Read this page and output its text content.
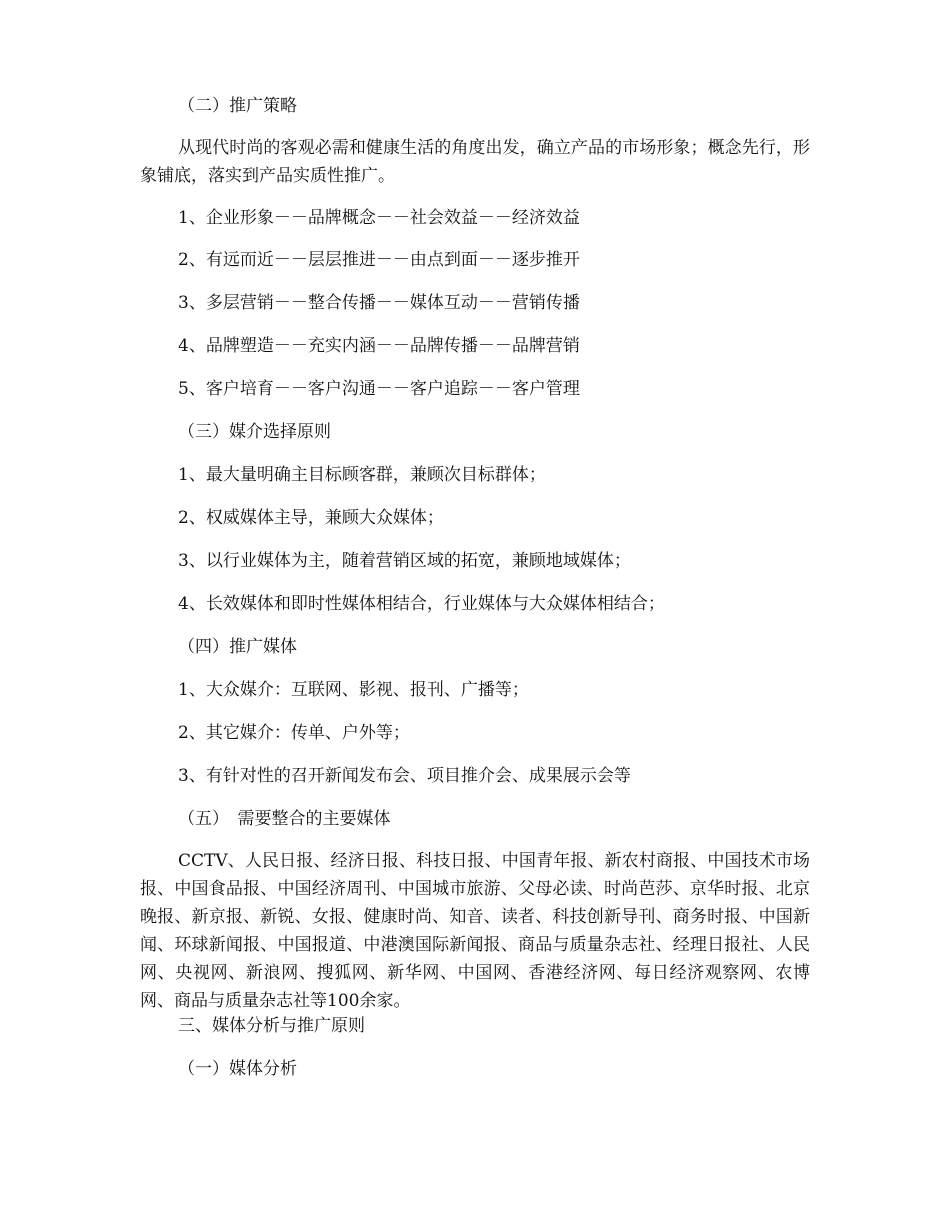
（二）推广策略

从现代时尚的客观必需和健康生活的角度出发，确立产品的市场形象；概念先行，形象铺底，落实到产品实质性推广。

1、企业形象－－品牌概念－－社会效益－－经济效益
2、有远而近－－层层推进－－由点到面－－逐步推开
3、多层营销－－整合传播－－媒体互动－－营销传播
4、品牌塑造－－充实内涵－－品牌传播－－品牌营销
5、客户培育－－客户沟通－－客户追踪－－客户管理
（三）媒介选择原则
1、最大量明确主目标顾客群，兼顾次目标群体；
2、权威媒体主导，兼顾大众媒体；
3、以行业媒体为主，随着营销区域的拓宽，兼顾地域媒体；
4、长效媒体和即时性媒体相结合，行业媒体与大众媒体相结合；
（四）推广媒体
1、大众媒介：互联网、影视、报刊、广播等；
2、其它媒介：传单、户外等；
3、有针对性的召开新闻发布会、项目推介会、成果展示会等
（五）　需要整合的主要媒体

CCTV、人民日报、经济日报、科技日报、中国青年报、新农村商报、中国技术市场报、中国食品报、中国经济周刊、中国城市旅游、父母必读、时尚芭莎、京华时报、北京晚报、新京报、新锐、女报、健康时尚、知音、读者、科技创新导刊、商务时报、中国新闻、环球新闻报、中国报道、中港澳国际新闻报、商品与质量杂志社、经理日报社、人民网、央视网、新浪网、搜狐网、新华网、中国网、香港经济网、每日经济观察网、农博网、商品与质量杂志社等100余家。

三、媒体分析与推广原则
（一）媒体分析
